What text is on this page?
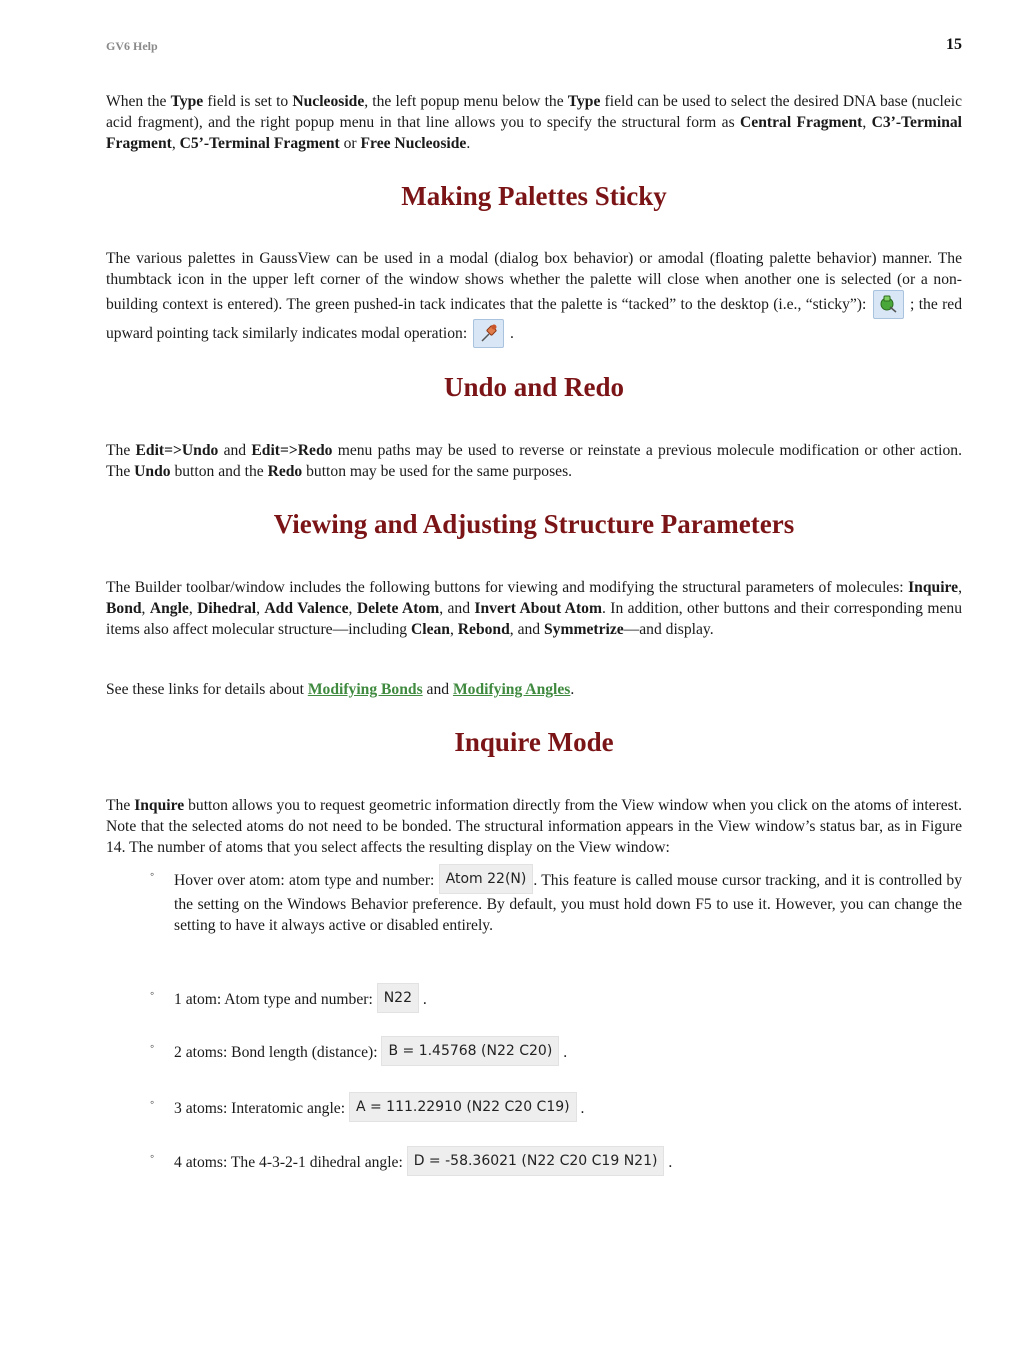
GV6 Help	15

When the Type field is set to Nucleoside, the left popup menu below the Type field can be used to select the desired DNA base (nucleic acid fragment), and the right popup menu in that line allows you to specify the structural form as Central Fragment, C3’-Terminal Fragment, C5’-Terminal Fragment or Free Nucleoside.

Making Palettes Sticky

The various palettes in GaussView can be used in a modal (dialog box behavior) or amodal (floating palette behavior) manner. The thumbtack icon in the upper left corner of the window shows whether the palette will close when another one is selected (or a non-building context is entered). The green pushed-in tack indicates that the palette is “tacked” to the desktop (i.e., “sticky”):  ; the red upward pointing tack similarly indicates modal operation:  .

Undo and Redo

The Edit=>Undo and Edit=>Redo menu paths may be used to reverse or reinstate a previous molecule modification or other action. The Undo button and the Redo button may be used for the same purposes.

Viewing and Adjusting Structure Parameters

The Builder toolbar/window includes the following buttons for viewing and modifying the structural parameters of molecules: Inquire, Bond, Angle, Dihedral, Add Valence, Delete Atom, and Invert About Atom. In addition, other buttons and their corresponding menu items also affect molecular structure—including Clean, Rebond, and Symmetrize—and display.

See these links for details about Modifying Bonds and Modifying Angles.

Inquire Mode

The Inquire button allows you to request geometric information directly from the View window when you click on the atoms of interest. Note that the selected atoms do not need to be bonded. The structural information appears in the View window’s status bar, as in Figure 14. The number of atoms that you select affects the resulting display on the View window:

◦ Hover over atom: atom type and number: Atom 22(N) . This feature is called mouse cursor tracking, and it is controlled by the setting on the Windows Behavior preference. By default, you must hold down F5 to use it. However, you can change the setting to have it always active or disabled entirely.
◦ 1 atom: Atom type and number: N22 .
◦ 2 atoms: Bond length (distance): B = 1.45768 (N22 C20) .
◦ 3 atoms: Interatomic angle: A = 111.22910 (N22 C20 C19) .
◦ 4 atoms: The 4-3-2-1 dihedral angle: D = -58.36021 (N22 C20 C19 N21) .
